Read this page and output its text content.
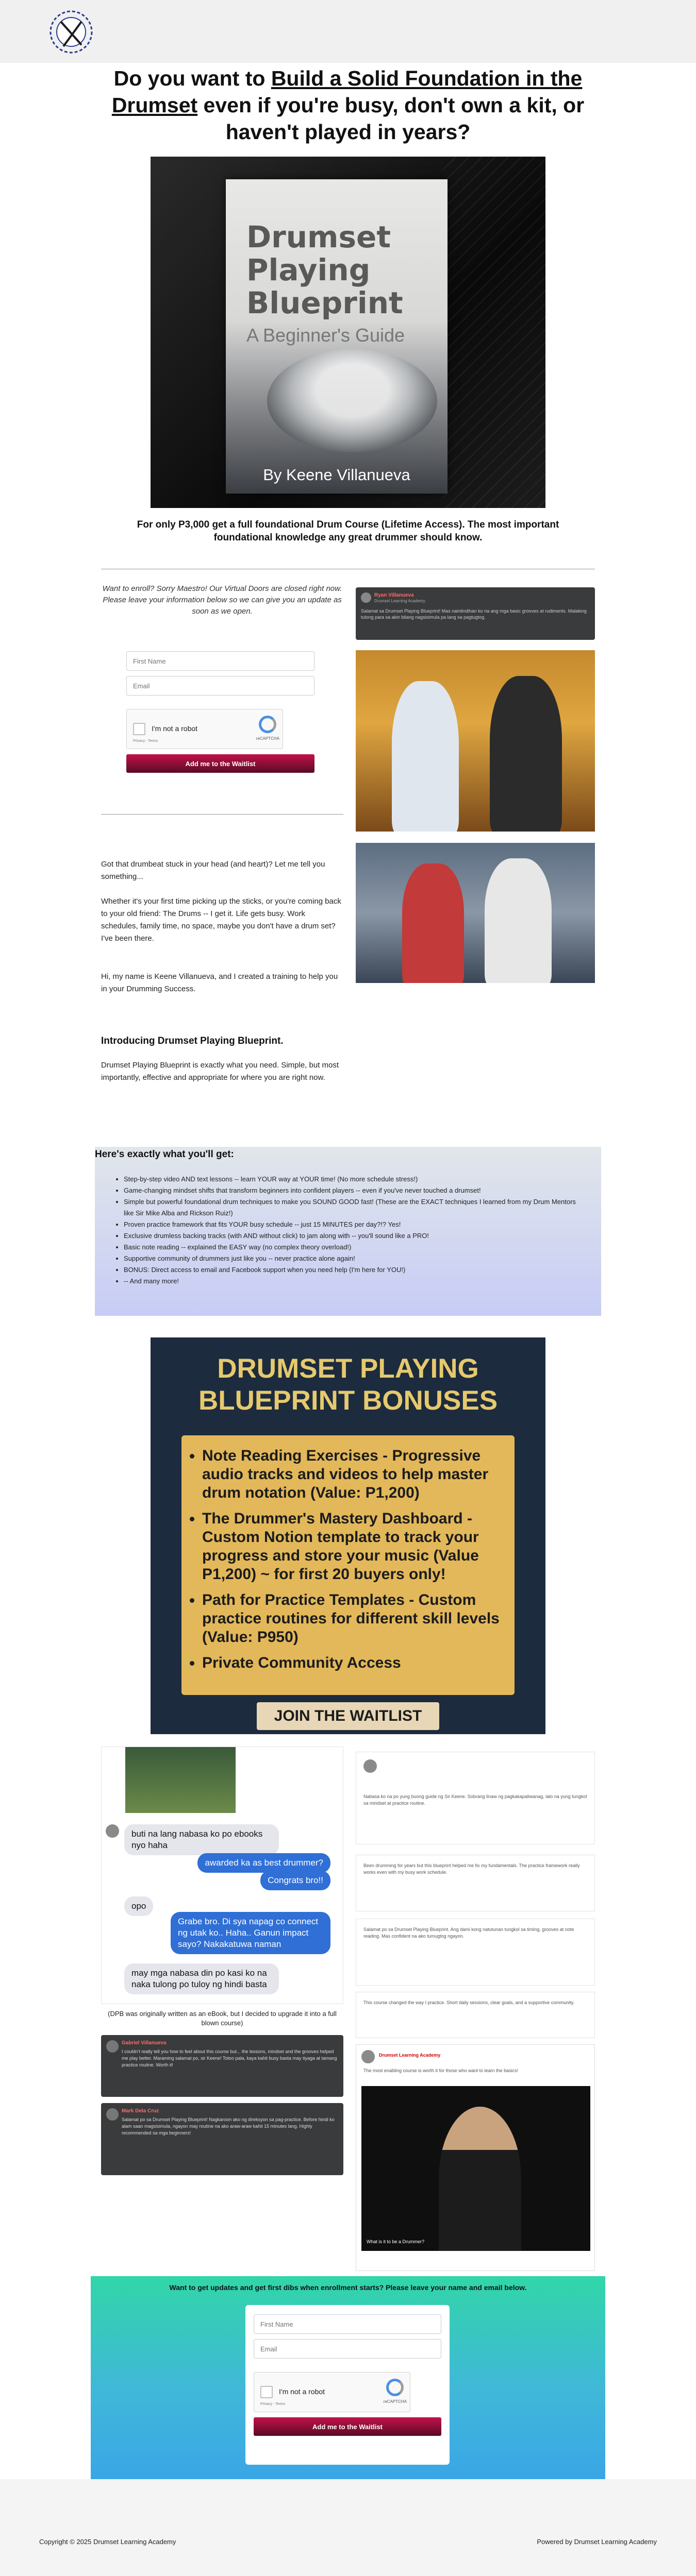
Do you want to Build a Solid Foundation in the Drumset even if you're busy, don't own a kit, or haven't played in years?
Drumset Playing Blueprint
A Beginner's Guide
By Keene Villanueva

For only P3,000 get a full foundational Drum Course (Lifetime Access). The most important foundational knowledge any great drummer should know.

Want to enroll? Sorry Maestro! Our Virtual Doors are closed right now. Please leave your information below so we can give you an update as soon as we open.

First Name Email
I'm not a robot
reCAPTCHA
Privacy - Terms
Add me to the Waitlist
Ryan Villanueva
Drumset Learning Academy
Salamat sa Drumset Playing Blueprint! Mas naintindihan ko na ang mga basic grooves at rudiments. Malaking tulong para sa akin bilang nagsisimula pa lang sa pagtugtog.

Got that drumbeat stuck in your head (and heart)? Let me tell you something...

Whether it's your first time picking up the sticks, or you're coming back to your old friend: The Drums -- I get it. Life gets busy. Work schedules, family time, no space, maybe you don't have a drum set? I've been there.

Hi, my name is Keene Villanueva, and I created a training to help you in your Drumming Success.

Introducing Drumset Playing Blueprint.

Drumset Playing Blueprint is exactly what you need. Simple, but most importantly, effective and appropriate for where you are right now.

• Step-by-step video AND text lessons -- learn YOUR way at YOUR time! (No more schedule stress!)
• Game-changing mindset shifts that transform beginners into confident players -- even if you've never touched a drumset!
• Simple but powerful foundational drum techniques to make you SOUND GOOD fast! (These are the EXACT techniques I learned from my Drum Mentors like Sir Mike Alba and Rickson Ruiz!)
• Proven practice framework that fits YOUR busy schedule -- just 15 MINUTES per day?!? Yes!
• Exclusive drumless backing tracks (with AND without click) to jam along with -- you'll sound like a PRO!
• Basic note reading -- explained the EASY way (no complex theory overload!)
• Supportive community of drummers just like you -- never practice alone again!
• BONUS: Direct access to email and Facebook support when you need help (I'm here for YOU!)
• -- And many more!
Here's exactly what you'll get:
DRUMSET PLAYING BLUEPRINT BONUSES
• Note Reading Exercises - Progressive audio tracks and videos to help master drum notation (Value: P1,200)
• The Drummer's Mastery Dashboard - Custom Notion template to track your progress and store your music (Value P1,200) ~ for first 20 buyers only!
• Path for Practice Templates - Custom practice routines for different skill levels (Value: P950)
• Private Community Access
JOIN THE WAITLIST
buti na lang nabasa ko po ebooks nyo haha
awarded ka as best drummer?
Congrats bro!!
opo
Grabe bro. Di sya napag co connect ng utak ko.. Haha.. Ganun impact sayo? Nakakatuwa naman
may mga nabasa din po kasi ko na naka tulong po tuloy ng hindi basta

(DPB was originally written as an eBook, but I decided to upgrade it into a full blown course)

Gabriel Villanueva
I couldn't really tell you how to feel about this course but... the lessons, mindset and the grooves helped me play better. Maraming salamat po, sir Keene! Totoo pala, kaya kahit busy basta may tiyaga at tamang practice routine. Worth it!
Mark Dela Cruz
Salamat po sa Drumset Playing Blueprint! Nagkaroon ako ng direksyon sa pag-practice. Before hindi ko alam saan magsisimula, ngayon may routine na ako araw-araw kahit 15 minutes lang. Highly recommended sa mga beginners!
Nabasa ko na po yung buong guide ng Sir Keene. Sobrang linaw ng pagkakapaliwanag, lalo na yung tungkol sa mindset at practice routine.
Been drumming for years but this blueprint helped me fix my fundamentals. The practice framework really works even with my busy work schedule.
Salamat po sa Drumset Playing Blueprint. Ang dami kong natutunan tungkol sa timing, grooves at note reading. Mas confident na ako tumugtog ngayon.
This course changed the way I practice. Short daily sessions, clear goals, and a supportive community.
Drumset Learning Academy
The most enabling course is worth it for those who want to learn the basics!
What is it to be a Drummer?
Want to get updates and get first dibs when enrollment starts? Please leave your name and email below.
First Name Email
I'm not a robot
reCAPTCHA
Privacy - Terms
Add me to the Waitlist
Copyright © 2025 Drumset Learning Academy	Powered by Drumset Learning Academy
